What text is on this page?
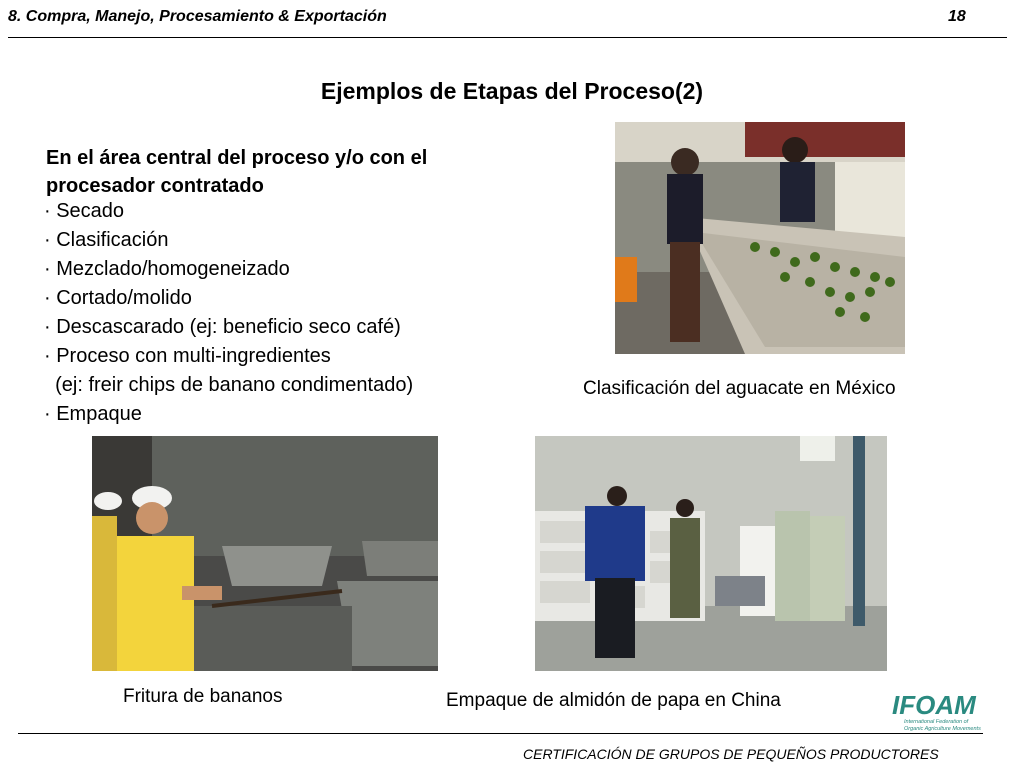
8. Compra, Manejo, Procesamiento & Exportación	18
Ejemplos de Etapas del Proceso(2)
En el área central del proceso y/o con el procesador contratado
· Secado
· Clasificación
· Mezclado/homogeneizado
· Cortado/molido
· Descascarado (ej: beneficio seco café)
· Proceso con multi-ingredientes
(ej: freir chips de banano condimentado)
· Empaque
Clasificación del aguacate en México
Fritura de bananos	Empaque de almidón de papa en China	IFOAM
International Federation of
Organic Agriculture Movements
CERTIFICACIÓN DE GRUPOS DE PEQUEÑOS PRODUCTORES
